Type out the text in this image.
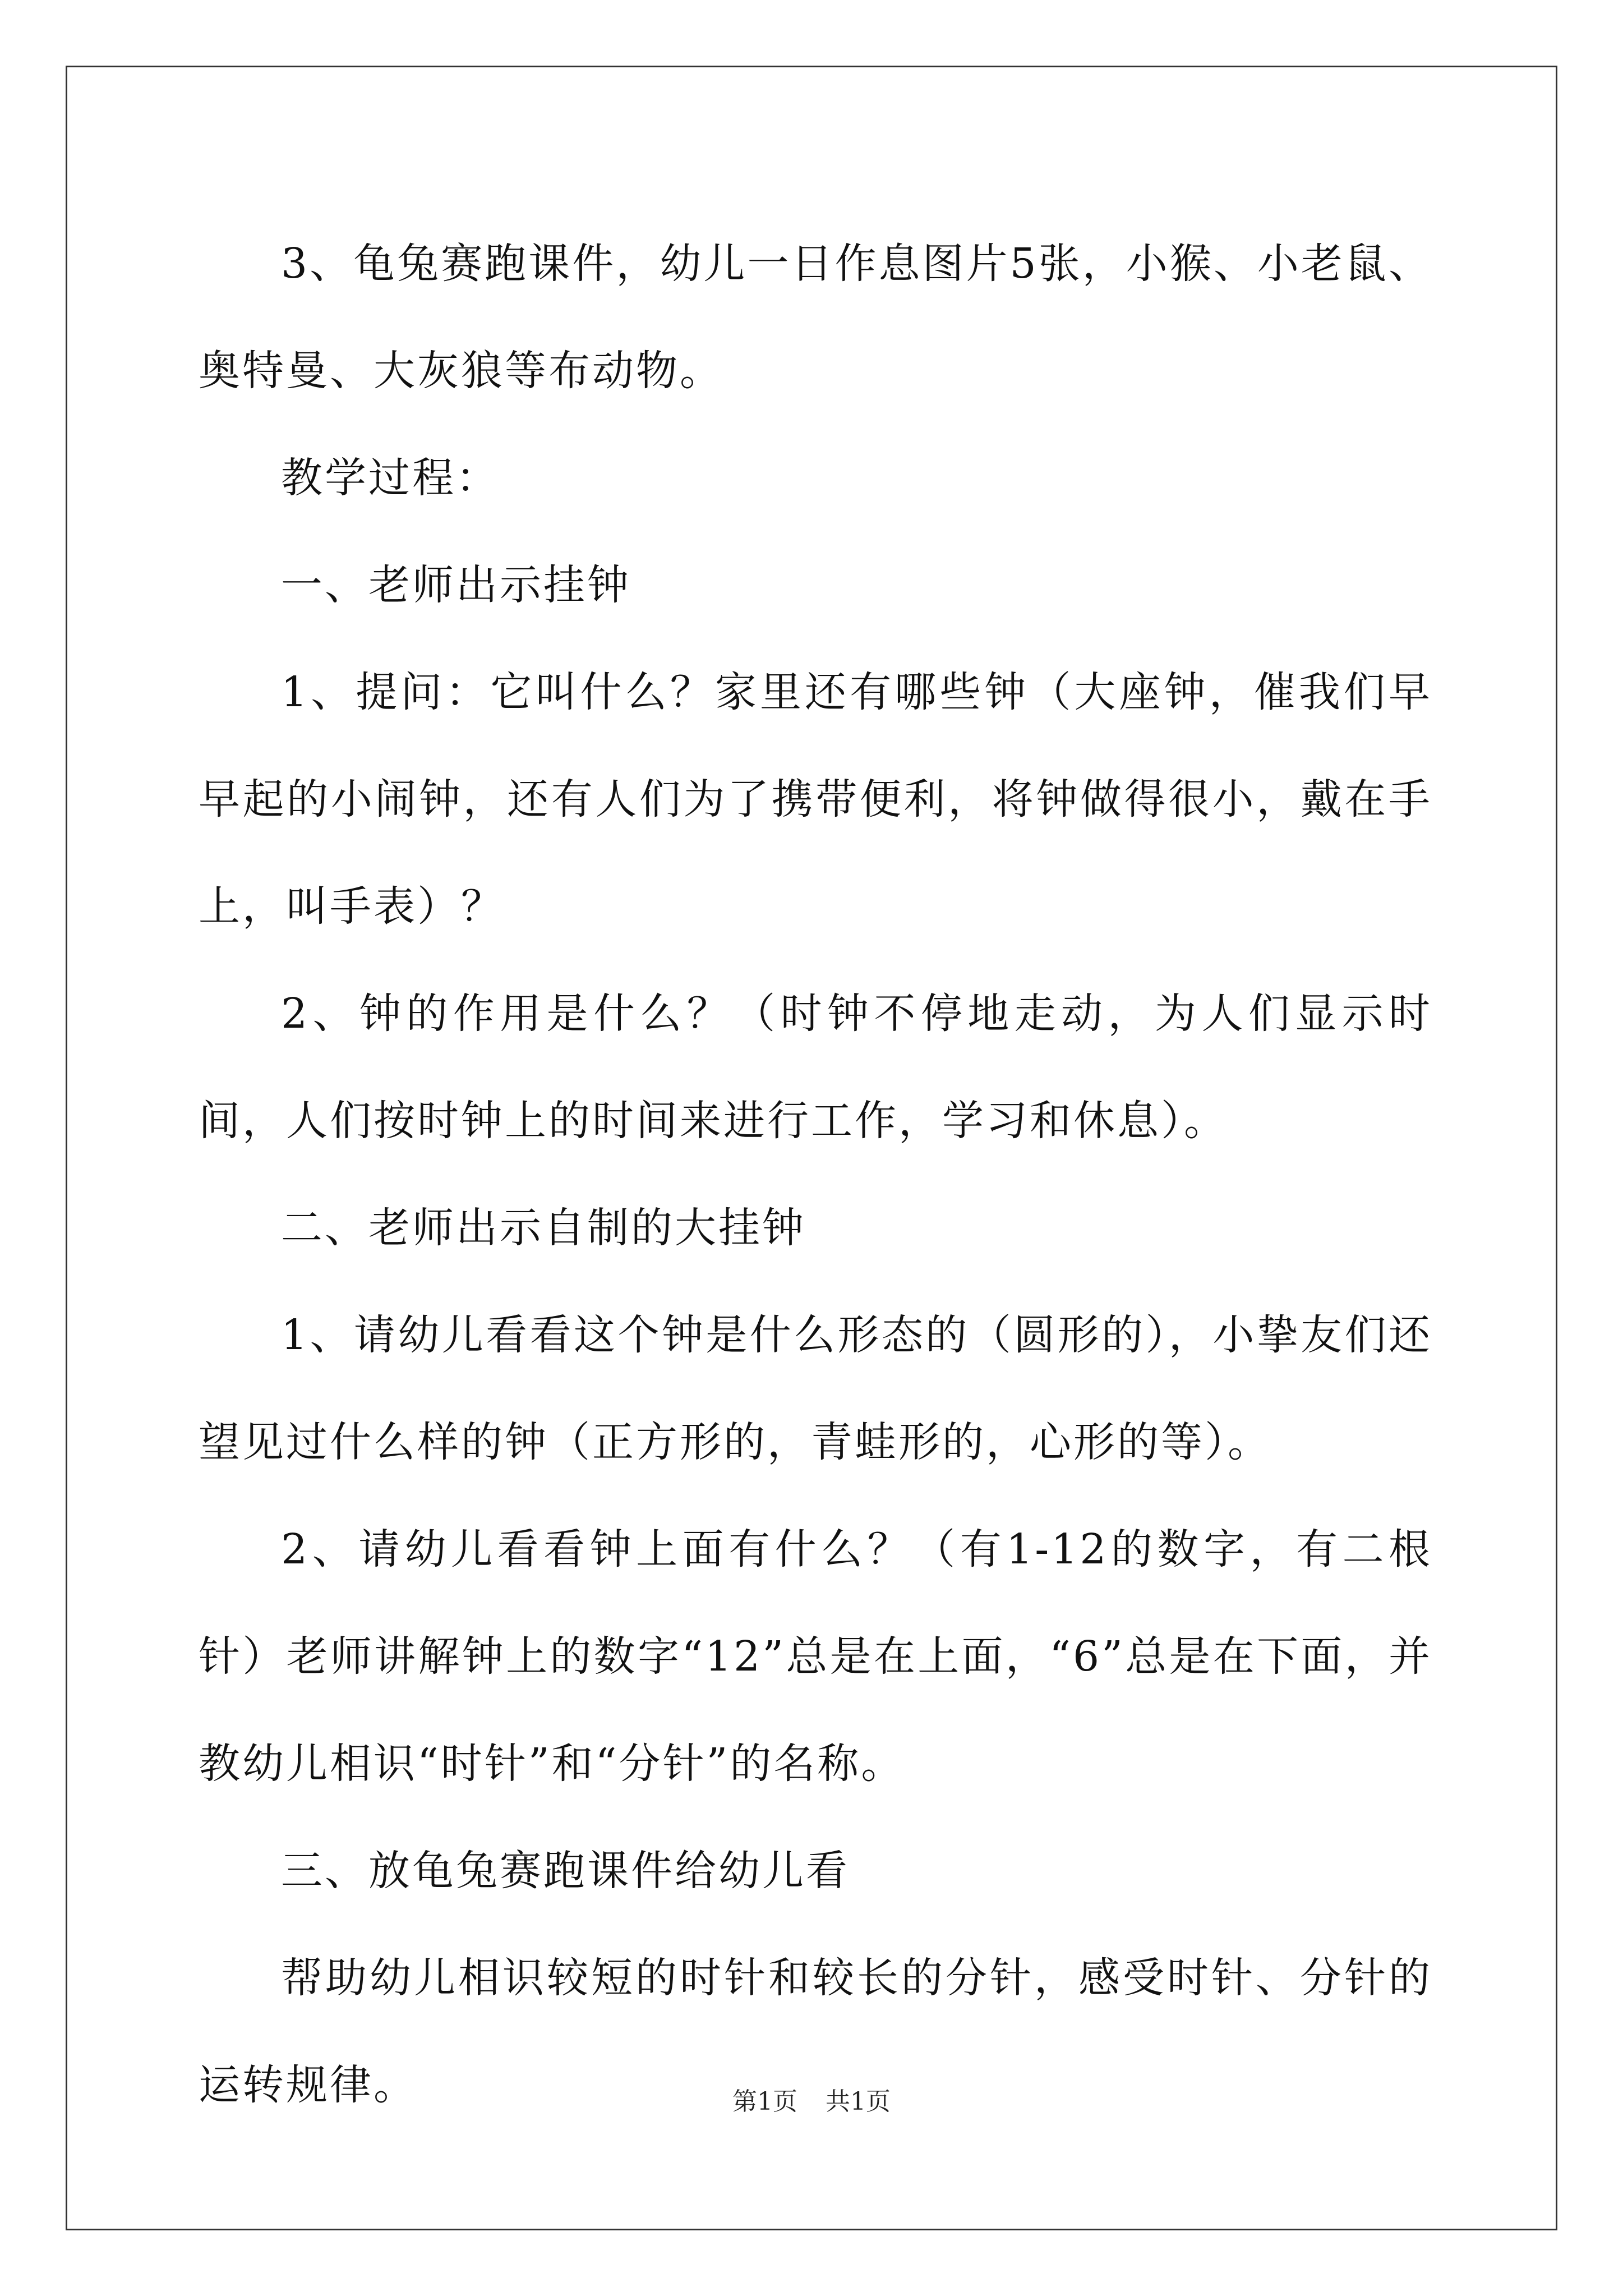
3、龟兔赛跑课件，幼儿一日作息图片5张，小猴、小老鼠、奥特曼、大灰狼等布动物。

教学过程：

一、老师出示挂钟

1、提问：它叫什么？家里还有哪些钟（大座钟，催我们早早起的小闹钟，还有人们为了携带便利，将钟做得很小，戴在手上，叫手表）？

2、钟的作用是什么？（时钟不停地走动，为人们显示时间，人们按时钟上的时间来进行工作，学习和休息）。

二、老师出示自制的大挂钟

1、请幼儿看看这个钟是什么形态的（圆形的），小挚友们还望见过什么样的钟（正方形的，青蛙形的，心形的等）。

2、请幼儿看看钟上面有什么？（有1-12的数字，有二根针）老师讲解钟上的数字“12”总是在上面，“6”总是在下面，并教幼儿相识“时针”和“分针”的名称。

三、放龟兔赛跑课件给幼儿看

帮助幼儿相识较短的时针和较长的分针，感受时针、分针的运转规律。	第1页 共1页
